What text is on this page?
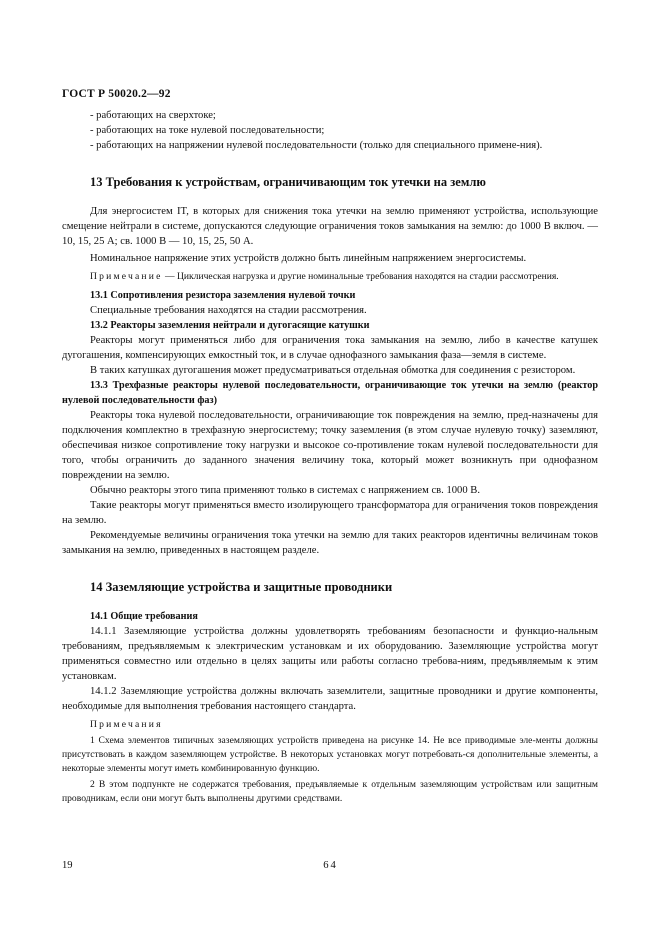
ГОСТ Р 50020.2—92

- работающих на сверхтоке;

- работающих на токе нулевой последовательности;

- работающих на напряжении нулевой последовательности (только для специального примене-ния).

13 Требования к устройствам, ограничивающим ток утечки на землю

Для энергосистем IT, в которых для снижения тока утечки на землю применяют устройства, использующие смещение нейтрали в системе, допускаются следующие ограничения токов замыкания на землю: до 1000 В включ. — 10, 15, 25 А; св. 1000 В — 10, 15, 25, 50 А.

Номинальное напряжение этих устройств должно быть линейным напряжением энергосистемы.

Примечание — Циклическая нагрузка и другие номинальные требования находятся на стадии рассмотрения.

13.1 Сопротивления резистора заземления нулевой точки

Специальные требования находятся на стадии рассмотрения.

13.2 Реакторы заземления нейтрали и дугогасящие катушки

Реакторы могут применяться либо для ограничения тока замыкания на землю, либо в качестве катушек дугогашения, компенсирующих емкостный ток, и в случае однофазного замыкания фаза—земля в системе.

В таких катушках дугогашения может предусматриваться отдельная обмотка для соединения с резистором.

13.3 Трехфазные реакторы нулевой последовательности, ограничивающие ток утечки на землю (реактор нулевой последовательности фаз)

Реакторы тока нулевой последовательности, ограничивающие ток повреждения на землю, пред-назначены для подключения комплектно в трехфазную энергосистему; точку заземления (в этом случае нулевую точку) заземляют, обеспечивая низкое сопротивление току нагрузки и высокое со-противление токам нулевой последовательности для того, чтобы ограничить до заданного значения величину тока, который может возникнуть при однофазном повреждении на землю.

Обычно реакторы этого типа применяют только в системах с напряжением св. 1000 В.

Такие реакторы могут применяться вместо изолирующего трансформатора для ограничения токов повреждения на землю.

Рекомендуемые величины ограничения тока утечки на землю для таких реакторов идентичны величинам токов замыкания на землю, приведенных в настоящем разделе.

14 Заземляющие устройства и защитные проводники

14.1 Общие требования

14.1.1 Заземляющие устройства должны удовлетворять требованиям безопасности и функцио-нальным требованиям, предъявляемым к электрическим установкам и их оборудованию. Заземляющие устройства могут применяться совместно или отдельно в целях защиты или работы согласно требова-ниям, предъявляемым к этим установкам.

14.1.2 Заземляющие устройства должны включать заземлители, защитные проводники и другие компоненты, необходимые для выполнения требования настоящего стандарта.

Примечания

1 Схема элементов типичных заземляющих устройств приведена на рисунке 14. Не все приводимые эле-менты должны присутствовать в каждом заземляющем устройстве. В некоторых установках могут потребовать-ся дополнительные элементы, а некоторые элементы могут иметь комбинированную функцию.

2 В этом подпункте не содержатся требования, предъявляемые к отдельным заземляющим устройствам или защитным проводникам, если они могут быть выполнены другими средствами.

19	64
